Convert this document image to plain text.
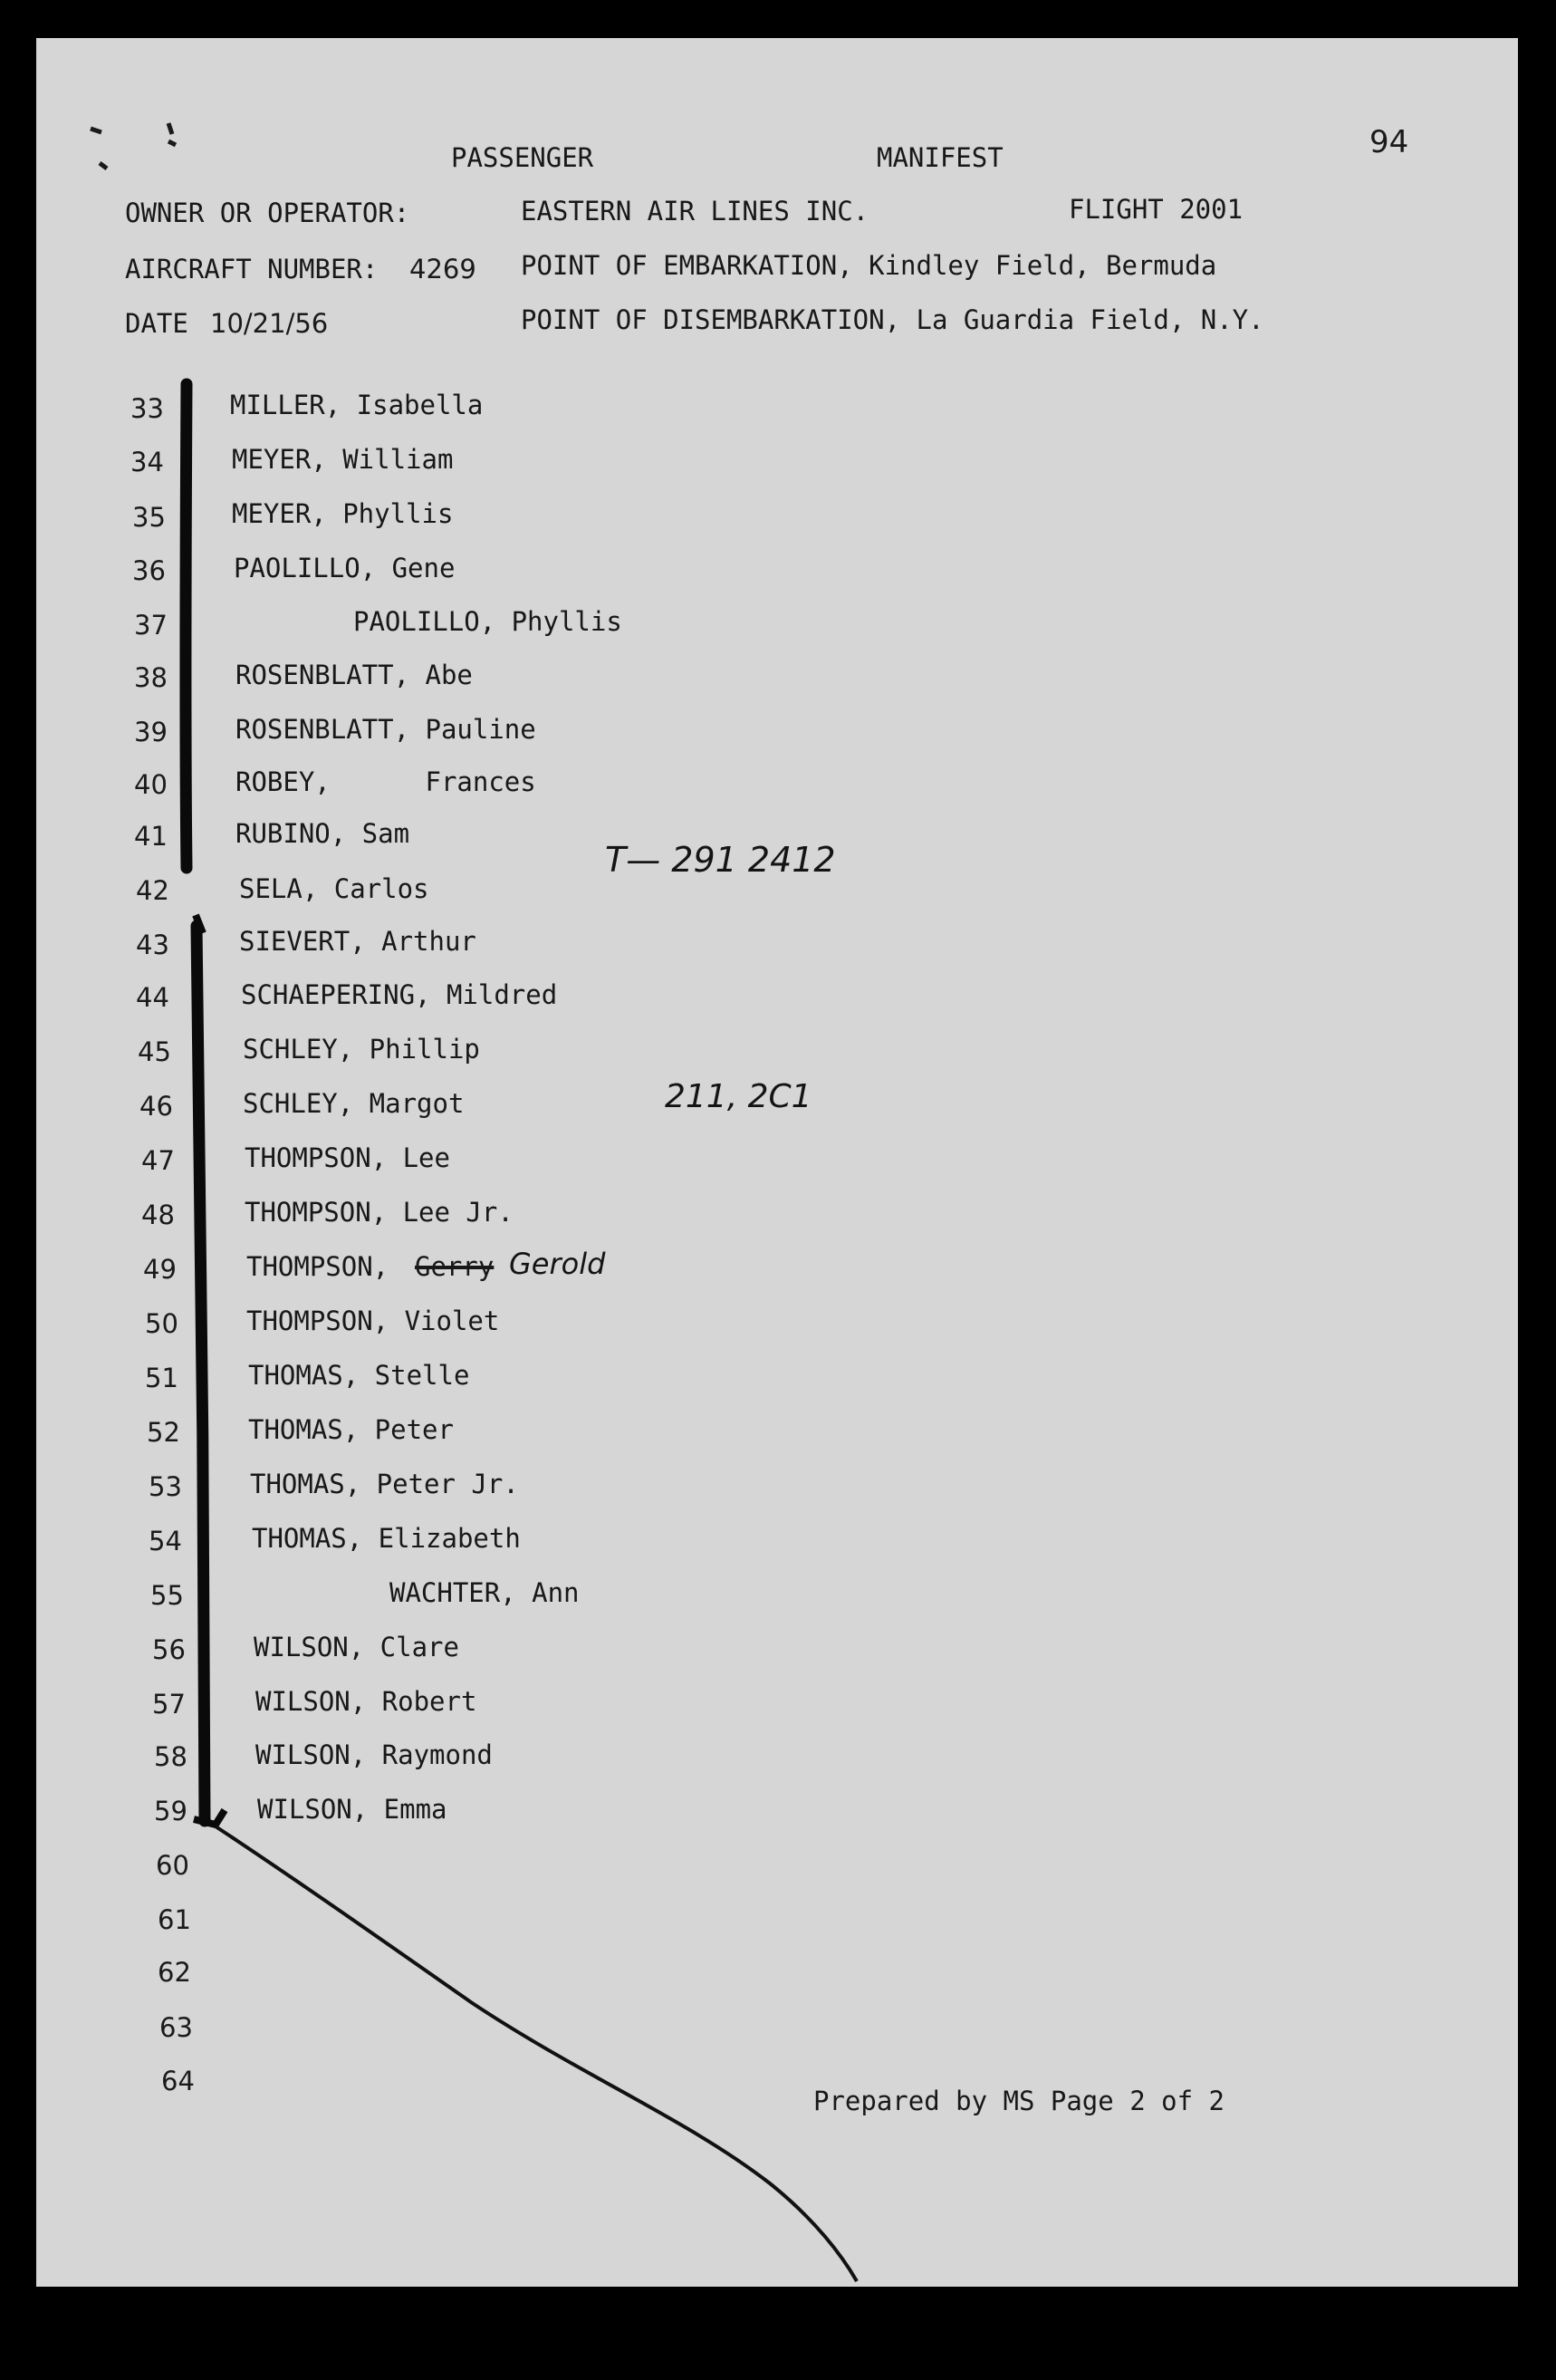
94
PASSENGER	MANIFEST
OWNER OR OPERATOR:	EASTERN AIR LINES INC.	FLIGHT 2001
AIRCRAFT NUMBER: 4269 POINT OF EMBARKATION, Kindley Field, Bermuda
DATE 10/21/56	POINT OF DISEMBARKATION, La Guardia Field, N.Y.
33	MILLER, Isabella
34	MEYER, William
35	MEYER, Phyllis
36	PAOLILLO, Gene
37	PAOLILLO, Phyllis
38	ROSENBLATT, Abe
39	ROSENBLATT, Pauline
40	ROBEY,      Frances
41	RUBINO, Sam
42	SELA, Carlos
43	SIEVERT, Arthur
44	SCHAEPERING, Mildred
45	SCHLEY, Phillip
46	SCHLEY, Margot
47	THOMPSON, Lee
48	THOMPSON, Lee Jr.
49	THOMPSON, Gerry Gerold
50	THOMPSON, Violet
51	THOMAS, Stelle
52	THOMAS, Peter
53	THOMAS, Peter Jr.
54	THOMAS, Elizabeth
55	WACHTER, Ann
56	WILSON, Clare
57	WILSON, Robert
58	WILSON, Raymond
59	WILSON, Emma
60
61
62
63
64
T— 291 2412
211, 2C1
Prepared by MS Page 2 of 2
